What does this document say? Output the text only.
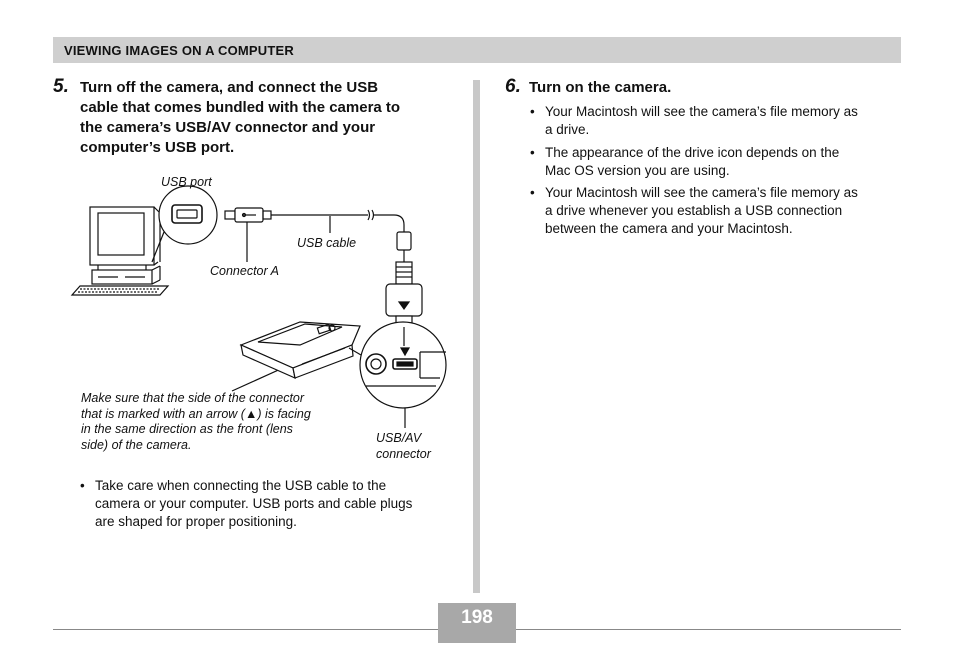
VIEWING IMAGES ON A COMPUTER
5. Turn off the camera, and connect the USB
cable that comes bundled with the camera to
the camera’s USB/AV connector and your
computer’s USB port.
USB port
USB cable
Connector A
Make sure that the side of the connector
that is marked with an arrow (▲) is facing
in the same direction as the front (lens
side) of the camera.	USB/AV
connector
• Take care when connecting the USB cable to the
camera or your computer. USB ports and cable plugs
are shaped for proper positioning.
6. Turn on the camera.
• Your Macintosh will see the camera’s file memory as
a drive.
• The appearance of the drive icon depends on the
Mac OS version you are using.
• Your Macintosh will see the camera’s file memory as
a drive whenever you establish a USB connection
between the camera and your Macintosh.
198
